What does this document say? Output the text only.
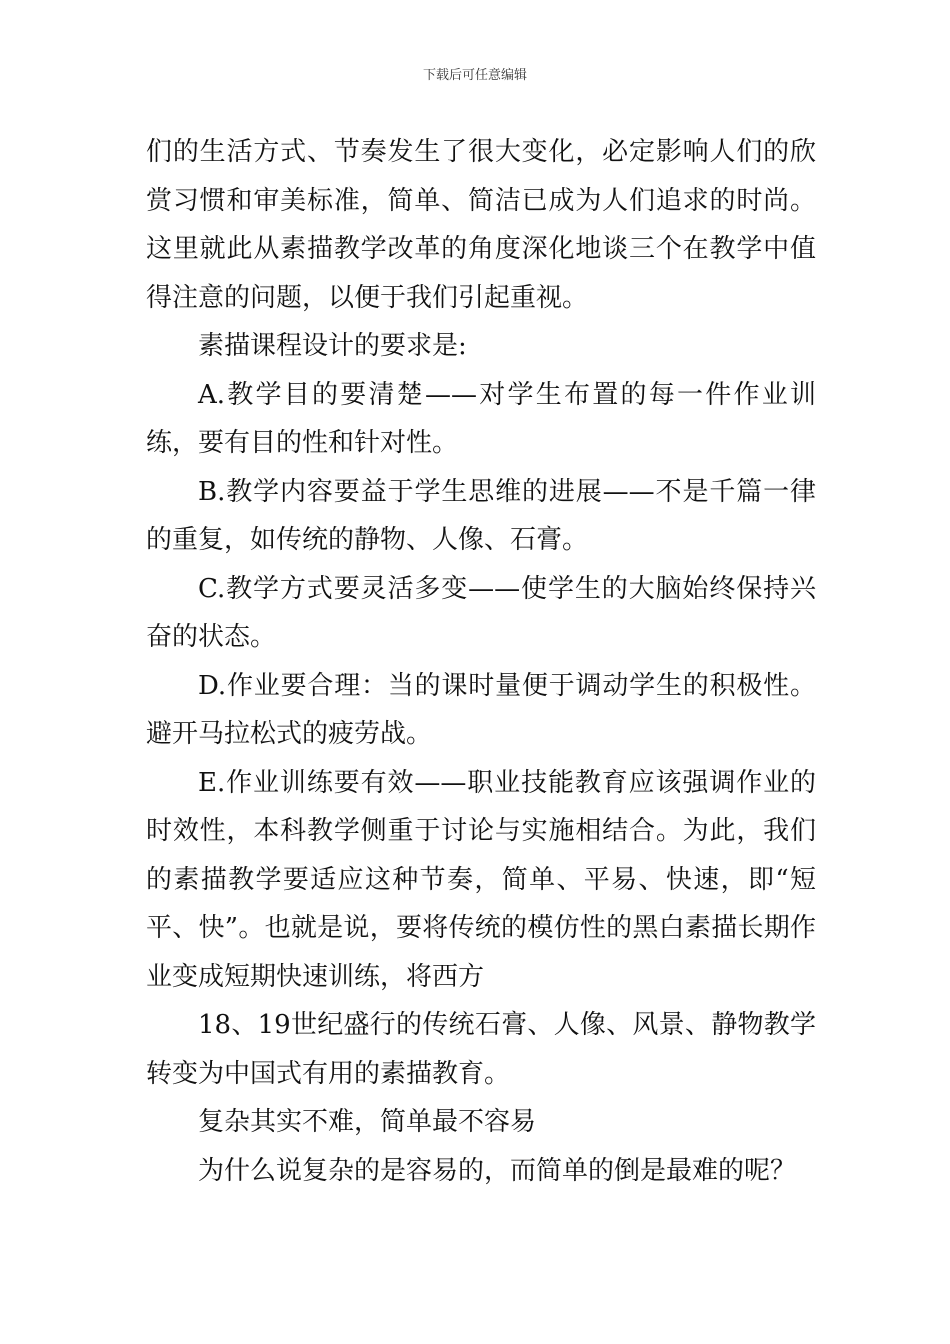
下载后可任意编辑

们的生活方式、节奏发生了很大变化，必定影响人们的欣赏习惯和审美标准，简单、简洁已成为人们追求的时尚。这里就此从素描教学改革的角度深化地谈三个在教学中值得注意的问题，以便于我们引起重视。

素描课程设计的要求是:

A.教学目的要清楚——对学生布置的每一件作业训练，要有目的性和针对性。

B.教学内容要益于学生思维的进展——不是千篇一律的重复，如传统的静物、人像、石膏。

C.教学方式要灵活多变——使学生的大脑始终保持兴奋的状态。

D.作业要合理：当的课时量便于调动学生的积极性。避开马拉松式的疲劳战。

E.作业训练要有效——职业技能教育应该强调作业的时效性，本科教学侧重于讨论与实施相结合。为此，我们的素描教学要适应这种节奏，简单、平易、快速，即“短平、快”。也就是说，要将传统的模仿性的黑白素描长期作业变成短期快速训练，将西方

18、19世纪盛行的传统石膏、人像、风景、静物教学转变为中国式有用的素描教育。

复杂其实不难，简单最不容易

为什么说复杂的是容易的，而简单的倒是最难的呢？
